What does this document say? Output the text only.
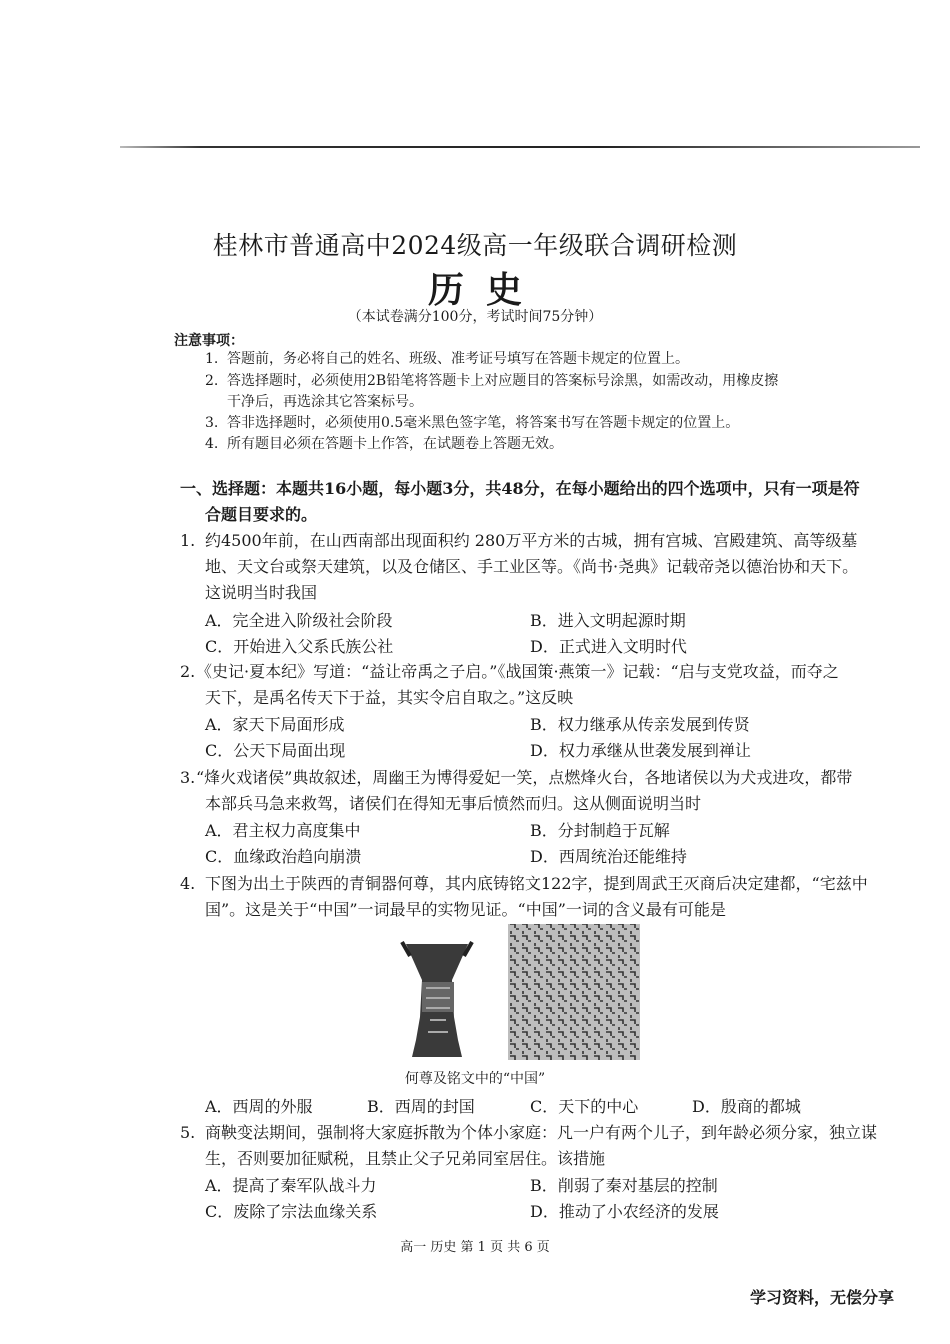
桂林市普通高中2024级高一年级联合调研检测
历史
（本试卷满分100分，考试时间75分钟）
注意事项：
1. 答题前，务必将自己的姓名、班级、准考证号填写在答题卡规定的位置上。
2. 答选择题时，必须使用2B铅笔将答题卡上对应题目的答案标号涂黑，如需改动，用橡皮擦
干净后，再选涂其它答案标号。
3. 答非选择题时，必须使用0.5毫米黑色签字笔，将答案书写在答题卡规定的位置上。
4. 所有题目必须在答题卡上作答，在试题卷上答题无效。
一、选择题：本题共16小题，每小题3分，共48分，在每小题给出的四个选项中，只有一项是符
合题目要求的。
1. 约4500年前，在山西南部出现面积约 280万平方米的古城，拥有宫城、宫殿建筑、高等级墓
地、天文台或祭天建筑，以及仓储区、手工业区等。《尚书·尧典》记载帝尧以德治协和天下。
这说明当时我国
A．完全进入阶级社会阶段	B．进入文明起源时期
C．开始进入父系氏族公社	D．正式进入文明时代
2. 《史记·夏本纪》写道：“益让帝禹之子启。”《战国策·燕策一》记载：“启与支党攻益，而夺之
天下，是禹名传天下于益，其实令启自取之。”这反映
A．家天下局面形成	B．权力继承从传亲发展到传贤
C．公天下局面出现	D．权力承继从世袭发展到禅让
3. “烽火戏诸侯”典故叙述，周幽王为博得爱妃一笑，点燃烽火台，各地诸侯以为犬戎进攻，都带
本部兵马急来救驾，诸侯们在得知无事后愤然而归。这从侧面说明当时
A．君主权力高度集中	B．分封制趋于瓦解
C．血缘政治趋向崩溃	D．西周统治还能维持
4. 下图为出土于陕西的青铜器何尊，其内底铸铭文122字，提到周武王灭商后决定建都，“宅兹中
国”。这是关于“中国”一词最早的实物见证。“中国”一词的含义最有可能是
何尊及铭文中的“中国”
A．西周的外服	B．西周的封国	C．天下的中心	D．殷商的都城
5. 商鞅变法期间，强制将大家庭拆散为个体小家庭：凡一户有两个儿子，到年龄必须分家，独立谋
生，否则要加征赋税，且禁止父子兄弟同室居住。该措施
A．提高了秦军队战斗力	B．削弱了秦对基层的控制
C．废除了宗法血缘关系	D．推动了小农经济的发展
高一 历史 第 1 页 共 6 页
学习资料，无偿分享
